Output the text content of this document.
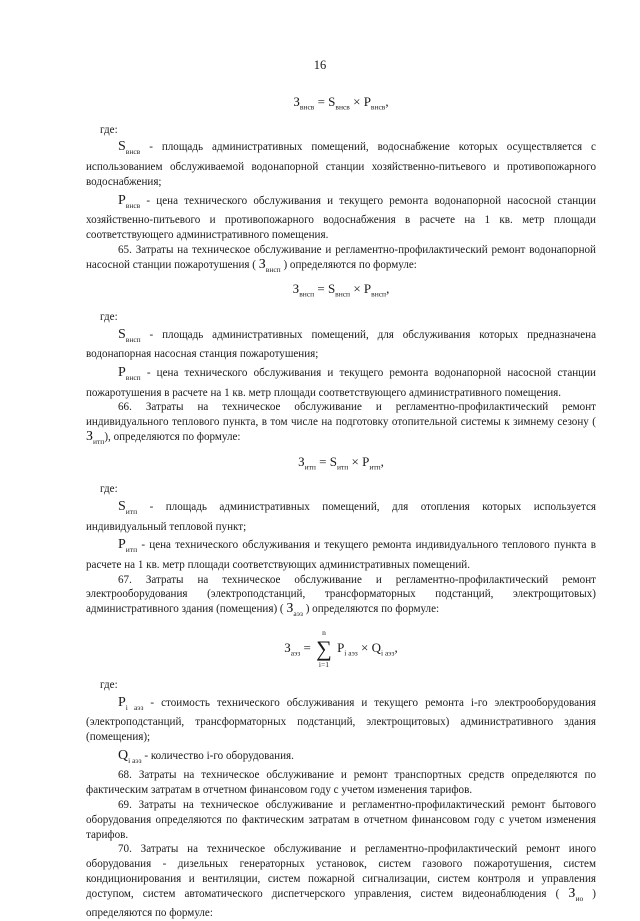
16
$З_{внсв} = S_{внсв} \times P_{внсв}$,
где:

$S_{внсв}$ - площадь административных помещений, водоснабжение которых осуществляется с использованием обслуживаемой водонапорной станции хозяйственно-питьевого и противопожарного водоснабжения;

$P_{внсв}$ - цена технического обслуживания и текущего ремонта водонапорной насосной станции хозяйственно-питьевого и противопожарного водоснабжения в расчете на 1 кв. метр площади соответствующего административного помещения.

65. Затраты на техническое обслуживание и регламентно-профилактический ремонт водонапорной насосной станции пожаротушения ( $З_{внсп}$ ) определяются по формуле:

$З_{внсп} = S_{внсп} \times P_{внсп}$,
где:

$S_{внсп}$ - площадь административных помещений, для обслуживания которых предназначена водонапорная насосная станция пожаротушения;

$P_{внсп}$ - цена технического обслуживания и текущего ремонта водонапорной насосной станции пожаротушения в расчете на 1 кв. метр площади соответствующего административного помещения.

66. Затраты на техническое обслуживание и регламентно-профилактический ремонт индивидуального теплового пункта, в том числе на подготовку отопительной системы к зимнему сезону ( $З_{итп}$), определяются по формуле:

$З_{итп} = S_{итп} \times P_{итп}$,
где:

$S_{итп}$ - площадь административных помещений, для отопления которых используется индивидуальный тепловой пункт;

$P_{итп}$ - цена технического обслуживания и текущего ремонта индивидуального теплового пункта в расчете на 1 кв. метр площади соответствующих административных помещений.

67. Затраты на техническое обслуживание и регламентно-профилактический ремонт электрооборудования (электроподстанций, трансформаторных подстанций, электрощитовых) административного здания (помещения) ( $З_{аэз}$ ) определяются по формуле:

$З_{аэз}$ =
n
∑
i=1
$P_{i аэз} \times Q_{i аэз}$,
где:

$P_{i аэз}$ - стоимость технического обслуживания и текущего ремонта i-го электрооборудования (электроподстанций, трансформаторных подстанций, электрощитовых) административного здания (помещения);

$Q_{i аэз}$ - количество i-го оборудования.

68. Затраты на техническое обслуживание и ремонт транспортных средств определяются по фактическим затратам в отчетном финансовом году с учетом изменения тарифов.

69. Затраты на техническое обслуживание и регламентно-профилактический ремонт бытового оборудования определяются по фактическим затратам в отчетном финансовом году с учетом изменения тарифов.

70. Затраты на техническое обслуживание и регламентно-профилактический ремонт иного оборудования - дизельных генераторных установок, систем газового пожаротушения, систем кондиционирования и вентиляции, систем пожарной сигнализации, систем контроля и управления доступом, систем автоматического диспетчерского управления, систем видеонаблюдения ( $З_{ио}$ ) определяются по формуле:
